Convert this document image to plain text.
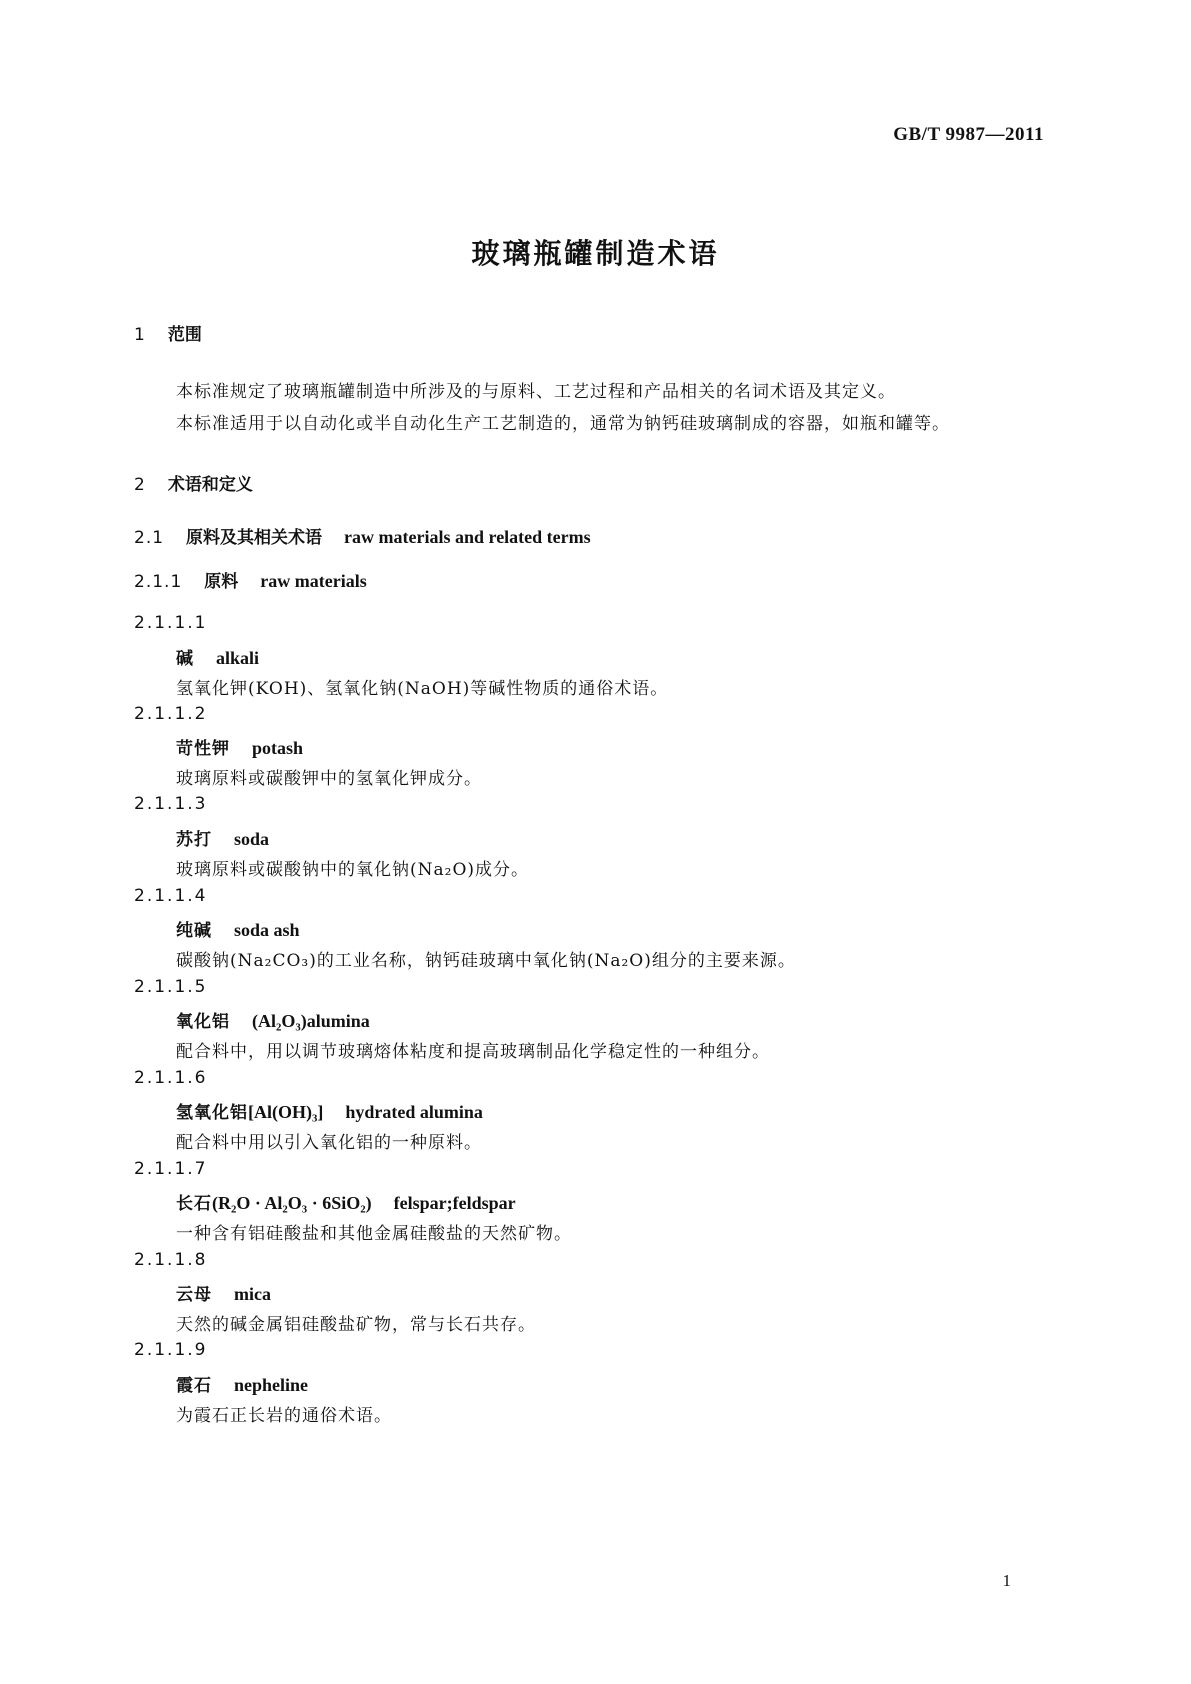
GB/T 9987—2011
玻璃瓶罐制造术语
1 范围
本标准规定了玻璃瓶罐制造中所涉及的与原料、工艺过程和产品相关的名词术语及其定义。
本标准适用于以自动化或半自动化生产工艺制造的，通常为钠钙硅玻璃制成的容器，如瓶和罐等。
2 术语和定义
2.1 原料及其相关术语 raw materials and related terms
2.1.1 原料 raw materials
2.1.1.1
碱 alkali
氢氧化钾(KOH)、氢氧化钠(NaOH)等碱性物质的通俗术语。
2.1.1.2
苛性钾 potash
玻璃原料或碳酸钾中的氢氧化钾成分。
2.1.1.3
苏打 soda
玻璃原料或碳酸钠中的氧化钠(Na₂O)成分。
2.1.1.4
纯碱 soda ash
碳酸钠(Na₂CO₃)的工业名称，钠钙硅玻璃中氧化钠(Na₂O)组分的主要来源。
2.1.1.5
氧化铝 (Al₂O₃)alumina
配合料中，用以调节玻璃熔体粘度和提高玻璃制品化学稳定性的一种组分。
2.1.1.6
氢氧化铝[Al(OH)₃] hydrated alumina
配合料中用以引入氧化铝的一种原料。
2.1.1.7
长石(R₂O · Al₂O₃ · 6SiO₂) felspar;feldspar
一种含有铝硅酸盐和其他金属硅酸盐的天然矿物。
2.1.1.8
云母 mica
天然的碱金属铝硅酸盐矿物，常与长石共存。
2.1.1.9
霞石 nepheline
为霞石正长岩的通俗术语。
1
